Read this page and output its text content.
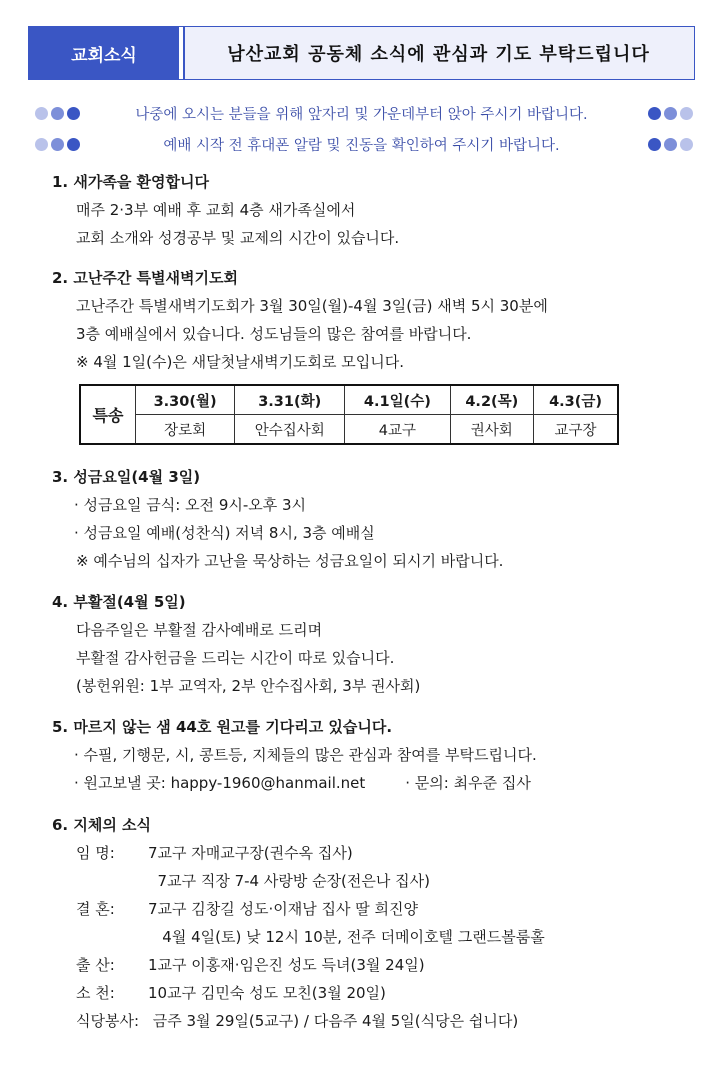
교회소식	남산교회 공동체 소식에 관심과 기도 부탁드립니다
나중에 오시는 분들을 위해 앞자리 및 가운데부터 앉아 주시기 바랍니다.
예배 시작 전 휴대폰 알람 및 진동을 확인하여 주시기 바랍니다.
1. 새가족을 환영합니다
매주 2·3부 예배 후 교회 4층 새가족실에서
교회 소개와 성경공부 및 교제의 시간이 있습니다.
2. 고난주간 특별새벽기도회
고난주간 특별새벽기도회가 3월 30일(월)-4월 3일(금) 새벽 5시 30분에
3층 예배실에서 있습니다. 성도님들의 많은 참여를 바랍니다.
※ 4월 1일(수)은 새달첫날새벽기도회로 모입니다.
특송	3.30(월)	3.31(화)	4.1일(수)	4.2(목)	4.3(금)
	장로회	안수집사회	4교구	권사회	교구장
3. 성금요일(4월 3일)
· 성금요일 금식: 오전 9시-오후 3시
· 성금요일 예배(성찬식) 저녁 8시, 3층 예배실
※ 예수님의 십자가 고난을 묵상하는 성금요일이 되시기 바랍니다.
4. 부활절(4월 5일)
다음주일은 부활절 감사예배로 드리며
부활절 감사헌금을 드리는 시간이 따로 있습니다.
(봉헌위원: 1부 교역자, 2부 안수집사회, 3부 권사회)
5. 마르지 않는 샘 44호 원고를 기다리고 있습니다.
· 수필, 기행문, 시, 콩트등, 지체들의 많은 관심과 참여를 부탁드립니다.
· 원고보낼 곳: happy-1960@hanmail.net	· 문의: 최우준 집사
6. 지체의 소식
임 명:	7교구 자매교구장(권수옥 집사)
7교구 직장 7-4 사랑방 순장(전은나 집사)
결 혼:	7교구 김창길 성도·이재남 집사 딸 희진양
4월 4일(토) 낮 12시 10분, 전주 더메이호텔 그랜드볼룸홀
출 산:	1교구 이홍재·임은진 성도 득녀(3월 24일)
소 천:	10교구 김민숙 성도 모친(3월 20일)
식당봉사: 금주 3월 29일(5교구) / 다음주 4월 5일(식당은 쉽니다)
